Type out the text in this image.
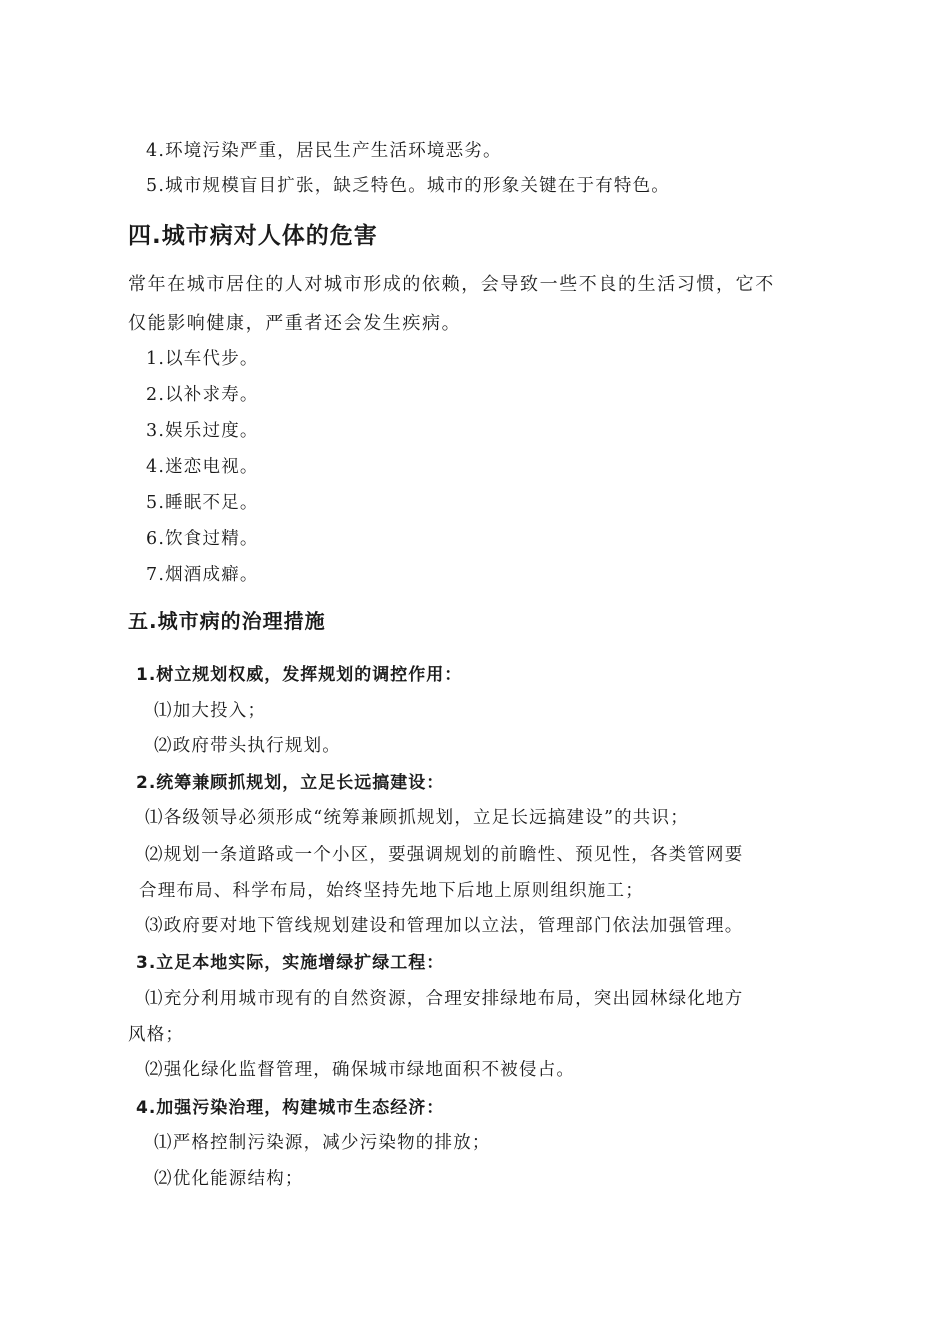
4.环境污染严重，居民生产生活环境恶劣。
5.城市规模盲目扩张，缺乏特色。城市的形象关键在于有特色。
四.城市病对人体的危害
常年在城市居住的人对城市形成的依赖，会导致一些不良的生活习惯，它不
仅能影响健康，严重者还会发生疾病。
1.以车代步。
2.以补求寿。
3.娱乐过度。
4.迷恋电视。
5.睡眠不足。
6.饮食过精。
7.烟酒成癖。
五.城市病的治理措施
1.树立规划权威，发挥规划的调控作用：
⑴加大投入；
⑵政府带头执行规划。
2.统筹兼顾抓规划，立足长远搞建设：
⑴各级领导必须形成“统筹兼顾抓规划，立足长远搞建设”的共识；
⑵规划一条道路或一个小区，要强调规划的前瞻性、预见性，各类管网要
合理布局、科学布局，始终坚持先地下后地上原则组织施工；
⑶政府要对地下管线规划建设和管理加以立法，管理部门依法加强管理。
3.立足本地实际，实施增绿扩绿工程：
⑴充分利用城市现有的自然资源，合理安排绿地布局，突出园林绿化地方
风格；
⑵强化绿化监督管理，确保城市绿地面积不被侵占。
4.加强污染治理，构建城市生态经济：
⑴严格控制污染源，减少污染物的排放；
⑵优化能源结构；
